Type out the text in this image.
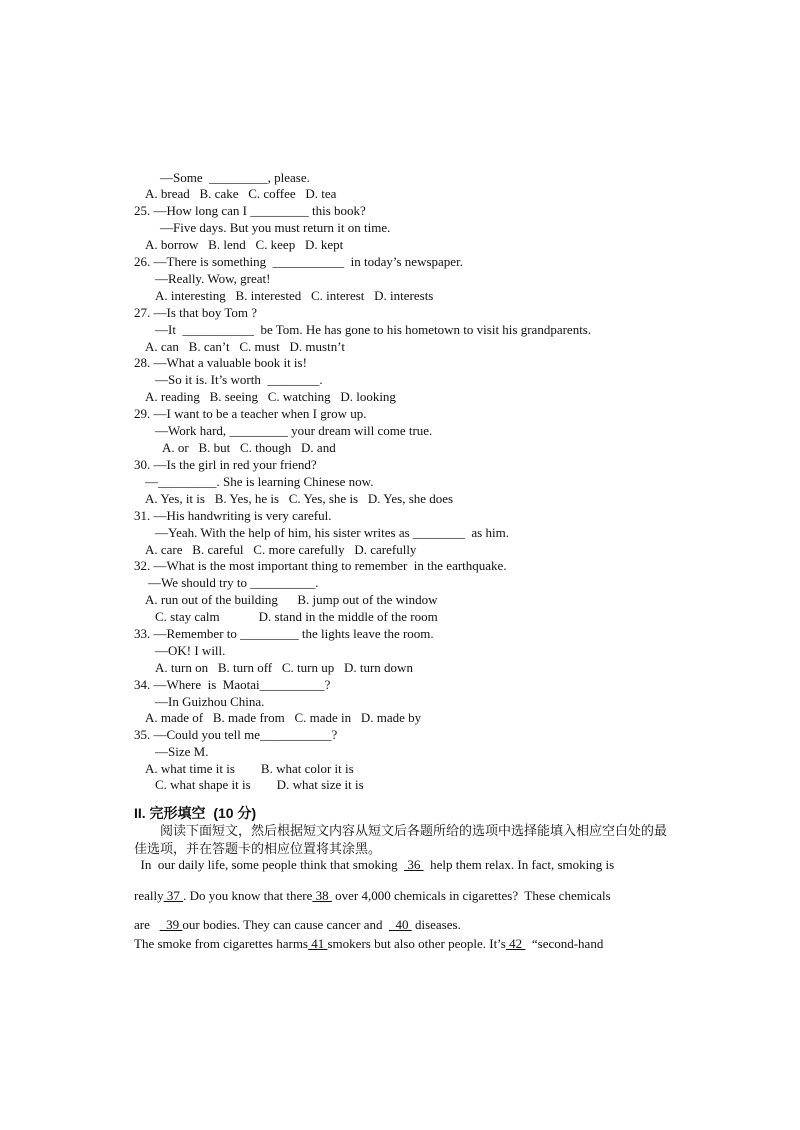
—Some  _________, please.
A. bread   B. cake   C. coffee   D. tea
25. —How long can I _________ this book?
—Five days. But you must return it on time.
A. borrow   B. lend   C. keep   D. kept
26. —There is something  ___________  in today’s newspaper.
—Really. Wow, great!
A. interesting   B. interested   C. interest   D. interests
27. —Is that boy Tom ?
—It  ___________  be Tom. He has gone to his hometown to visit his grandparents.
A. can   B. can’t   C. must   D. mustn’t
28. —What a valuable book it is!
—So it is. It’s worth  ________.
A. reading   B. seeing   C. watching   D. looking
29. —I want to be a teacher when I grow up.
—Work hard, _________ your dream will come true.
A. or   B. but   C. though   D. and
30. —Is the girl in red your friend?
—_________. She is learning Chinese now.
A. Yes, it is   B. Yes, he is   C. Yes, she is   D. Yes, she does
31. —His handwriting is very careful.
—Yeah. With the help of him, his sister writes as ________  as him.
A. care   B. careful   C. more carefully   D. carefully
32. —What is the most important thing to remember  in the earthquake.
—We should try to __________.
A. run out of the building      B. jump out of the window
C. stay calm            D. stand in the middle of the room
33. —Remember to _________ the lights leave the room.
—OK! I will.
A. turn on   B. turn off   C. turn up   D. turn down
34. —Where  is  Maotai__________?
—In Guizhou China.
A. made of   B. made from   C. made in   D. made by
35. —Could you tell me___________?
—Size M.
A. what time it is        B. what color it is
C. what shape it is        D. what size it is
II. 完形填空  (10 分)
阅读下面短文，然后根据短文内容从短文后各题所给的选项中选择能填入相应空白处的最佳选项，并在答题卡的相应位置将其涂黑。
In  our daily life, some people think that smoking   36   help them relax. In fact, smoking is
really 37 . Do you know that there 38  over 4,000 chemicals in cigarettes?  These chemicals
are     39 our bodies. They can cause cancer and    40  diseases.
The smoke from cigarettes harms 41 smokers but also other people. It’s 42   “second-hand
